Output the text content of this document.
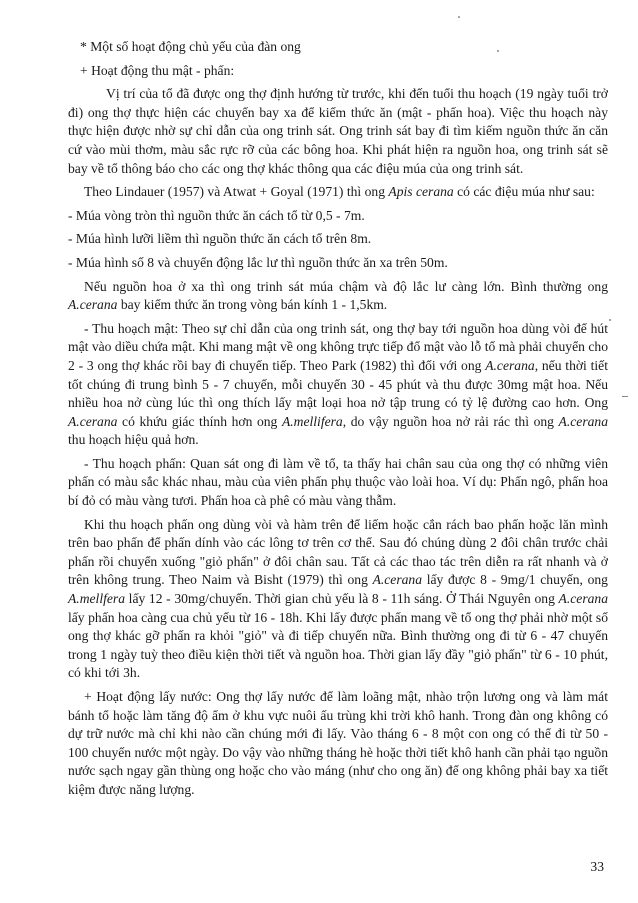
* Một số hoạt động chủ yếu của đàn ong

+ Hoạt động thu mật - phấn:

Vị trí của tổ đã được ong thợ định hướng từ trước, khi đến tuổi thu hoạch (19 ngày tuổi trở đi) ong thợ thực hiện các chuyến bay xa để kiếm thức ăn (mật - phấn hoa). Việc thu hoạch này thực hiện được nhờ sự chỉ dẫn của ong trinh sát. Ong trinh sát bay đi tìm kiếm nguồn thức ăn căn cứ vào mùi thơm, màu sắc rực rỡ của các bông hoa. Khi phát hiện ra nguồn hoa, ong trinh sát sẽ bay về tổ thông báo cho các ong thợ khác thông qua các điệu múa của ong trinh sát.

Theo Lindauer (1957) và Atwat + Goyal (1971) thì ong Apis cerana có các điệu múa như sau:

- Múa vòng tròn thì nguồn thức ăn cách tổ từ 0,5 - 7m.

- Múa hình lưỡi liềm thì nguồn thức ăn cách tổ trên 8m.

- Múa hình số 8 và chuyển động lắc lư thì nguồn thức ăn xa trên 50m.

Nếu nguồn hoa ở xa thì ong trinh sát múa chậm và độ lắc lư càng lớn. Bình thường ong A.cerana bay kiếm thức ăn trong vòng bán kính 1 - 1,5km.

- Thu hoạch mật: Theo sự chỉ dẫn của ong trinh sát, ong thợ bay tới nguồn hoa dùng vòi để hút mật vào diều chứa mật. Khi mang mật về ong không trực tiếp đổ mật vào lỗ tổ mà phải chuyển cho 2 - 3 ong thợ khác rồi bay đi chuyến tiếp. Theo Park (1982) thì đối với ong A.cerana, nếu thời tiết tốt chúng đi trung bình 5 - 7 chuyến, mỗi chuyến 30 - 45 phút và thu được 30mg mật hoa. Nếu nhiều hoa nở cùng lúc thì ong thích lấy mật loại hoa nở tập trung có tỷ lệ đường cao hơn. Ong A.cerana có khứu giác thính hơn ong A.mellifera, do vậy nguồn hoa nở rải rác thì ong A.cerana thu hoạch hiệu quả hơn.

- Thu hoạch phấn: Quan sát ong đi làm về tổ, ta thấy hai chân sau của ong thợ có những viên phấn có màu sắc khác nhau, màu của viên phấn phụ thuộc vào loài hoa. Ví dụ: Phấn ngô, phấn hoa bí đỏ có màu vàng tươi. Phấn hoa cà phê có màu vàng thẫm.

Khi thu hoạch phấn ong dùng vòi và hàm trên để liếm hoặc cắn rách bao phấn hoặc lăn mình trên bao phấn để phấn dính vào các lông tơ trên cơ thể. Sau đó chúng dùng 2 đôi chân trước chải phấn rồi chuyển xuống "giỏ phấn" ở đôi chân sau. Tất cả các thao tác trên diễn ra rất nhanh và ở trên không trung. Theo Naim và Bisht (1979) thì ong A.cerana lấy được 8 - 9mg/1 chuyến, ong A.mellfera lấy 12 - 30mg/chuyến. Thời gian chủ yếu là 8 - 11h sáng. Ở Thái Nguyên ong A.cerana lấy phấn hoa càng cua chủ yếu từ 16 - 18h. Khi lấy được phấn mang về tổ ong thợ phải nhờ một số ong thợ khác gỡ phấn ra khỏi "giỏ" và đi tiếp chuyến nữa. Bình thường ong đi từ 6 - 47 chuyến trong 1 ngày tuỳ theo điều kiện thời tiết và nguồn hoa. Thời gian lấy đầy "giỏ phấn" từ 6 - 10 phút, có khi tới 3h.

+ Hoạt động lấy nước: Ong thợ lấy nước để làm loãng mật, nhào trộn lương ong và làm mát bánh tổ hoặc làm tăng độ ẩm ở khu vực nuôi ấu trùng khi trời khô hanh. Trong đàn ong không có dự trữ nước mà chỉ khi nào cần chúng mới đi lấy. Vào tháng 6 - 8 một con ong có thể đi từ 50 - 100 chuyến nước một ngày. Do vậy vào những tháng hè hoặc thời tiết khô hanh cần phải tạo nguồn nước sạch ngay gần thùng ong hoặc cho vào máng (như cho ong ăn) để ong không phải bay xa tiết kiệm được năng lượng.

33
